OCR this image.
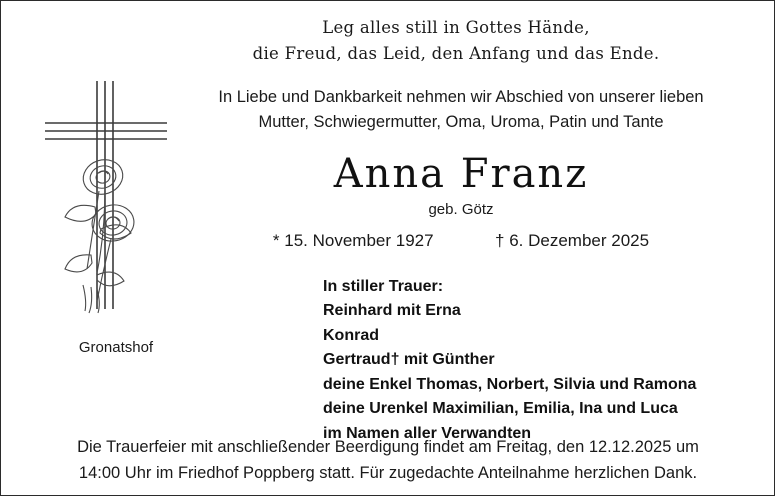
Leg alles still in Gottes Hände,
die Freud, das Leid, den Anfang und das Ende.
In Liebe und Dankbarkeit nehmen wir Abschied von unserer lieben
Mutter, Schwiegermutter, Oma, Uroma, Patin und Tante
Anna Franz
geb. Götz
* 15. November 1927	† 6. Dezember 2025
In stiller Trauer:
Reinhard mit Erna
Konrad
Gertraud† mit Günther
deine Enkel Thomas, Norbert, Silvia und Ramona
deine Urenkel Maximilian, Emilia, Ina und Luca
im Namen aller Verwandten
Gronatshof
Die Trauerfeier mit anschließender Beerdigung findet am Freitag, den 12.12.2025 um
14:00 Uhr im Friedhof Poppberg statt. Für zugedachte Anteilnahme herzlichen Dank.
